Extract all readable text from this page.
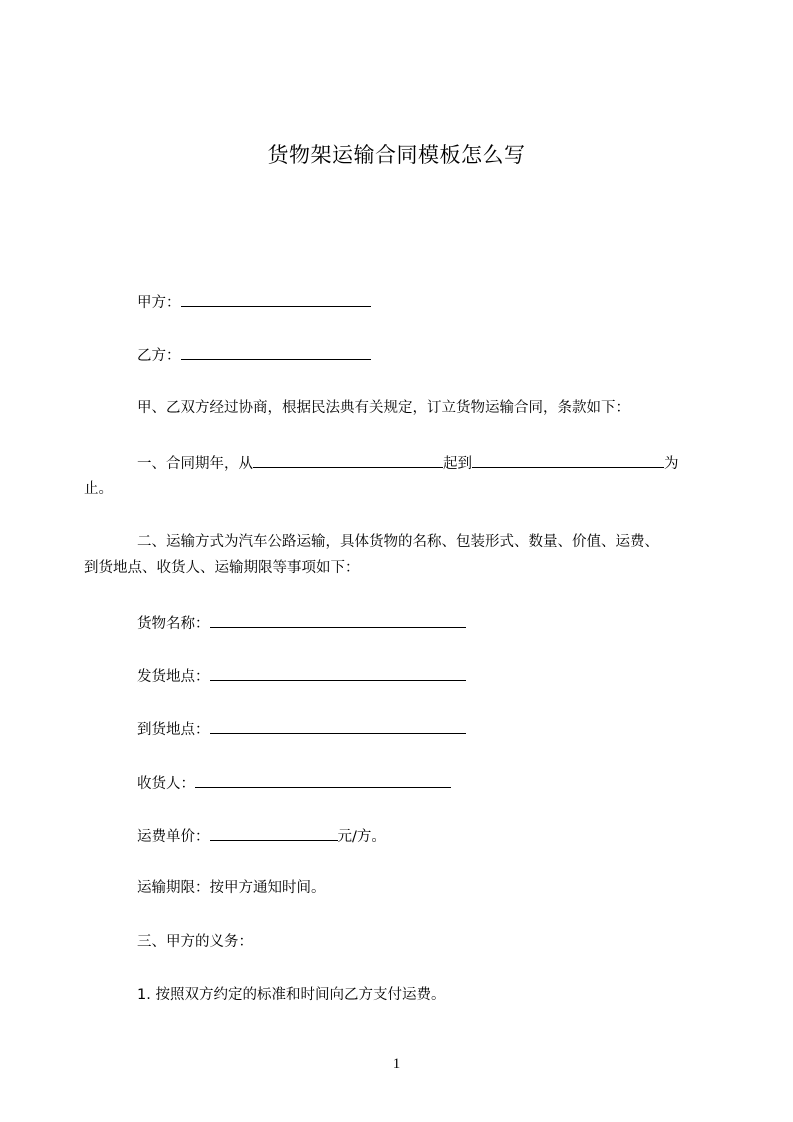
货物架运输合同模板怎么写
甲方：
乙方：
甲、乙双方经过协商，根据民法典有关规定，订立货物运输合同，条款如下：
一、合同期年，从	起到	为
止。
二、运输方式为汽车公路运输，具体货物的名称、包装形式、数量、价值、运费、
到货地点、收货人、运输期限等事项如下：
货物名称：
发货地点：
到货地点：
收货人：
运费单价：	元/方。
运输期限：按甲方通知时间。
三、甲方的义务：
1. 按照双方约定的标准和时间向乙方支付运费。
1
